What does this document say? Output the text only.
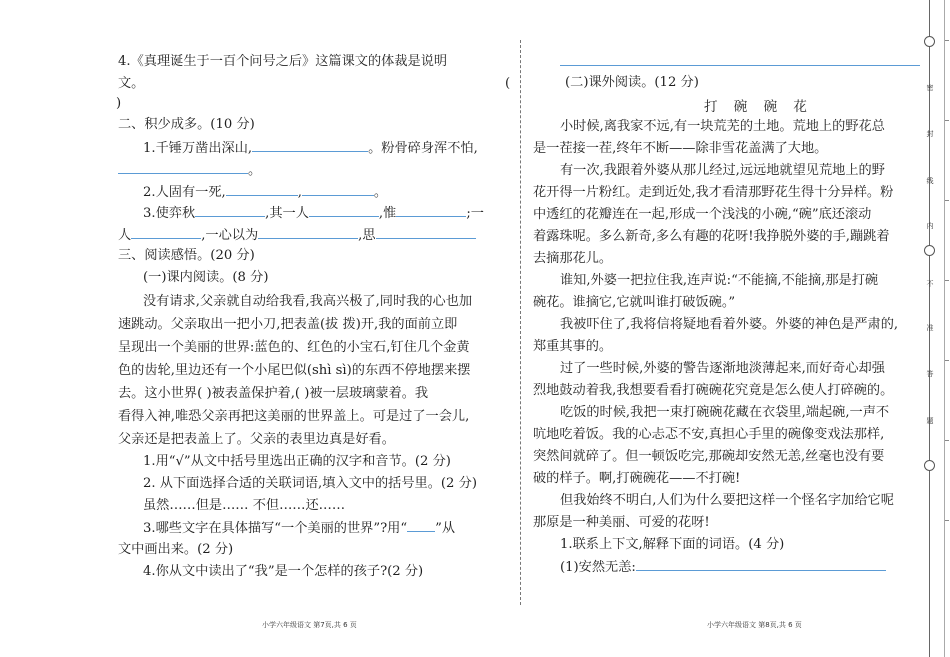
4.《真理诞生于一百个问号之后》这篇课文的体裁是说明
文。	(
)
二、积少成多。(10 分)
1.千锤万凿出深山,	。粉骨碎身浑不怕,
。
2.人固有一死,	,	。
3.使弈秋	,其一人	,惟	;一
人	,一心以为	,思
三、阅读感悟。(20 分)
(一)课内阅读。(8 分)
没有请求,父亲就自动给我看,我高兴极了,同时我的心也加
速跳动。父亲取出一把小刀,把表盖(拔 拨)开,我的面前立即
呈现出一个美丽的世界:蓝色的、红色的小宝石,钉住几个金黄
色的齿轮,里边还有一个小尾巴似(shì sì)的东西不停地摆来摆
去。这小世界( )被表盖保护着,( )被一层玻璃蒙着。我
看得入神,唯恐父亲再把这美丽的世界盖上。可是过了一会儿,
父亲还是把表盖上了。父亲的表里边真是好看。
1.用“√”从文中括号里选出正确的汉字和音节。(2 分)
2. 从下面选择合适的关联词语,填入文中的括号里。(2 分)
虽然……但是…… 不但……还……
3.哪些文字在具体描写“一个美丽的世界”?用“ ”从
文中画出来。(2 分)
4.你从文中读出了“我”是一个怎样的孩子?(2 分)
(二)课外阅读。(12 分)
打 碗 碗 花
小时候,离我家不远,有一块荒芜的土地。荒地上的野花总
是一茬接一茬,终年不断——除非雪花盖满了大地。
有一次,我跟着外婆从那儿经过,远远地就望见荒地上的野
花开得一片粉红。走到近处,我才看清那野花生得十分异样。粉
中透红的花瓣连在一起,形成一个浅浅的小碗,“碗”底还滚动
着露珠呢。多么新奇,多么有趣的花呀!我挣脱外婆的手,蹦跳着
去摘那花儿。
谁知,外婆一把拉住我,连声说:“不能摘,不能摘,那是打碗
碗花。谁摘它,它就叫谁打破饭碗。”
我被吓住了,我将信将疑地看着外婆。外婆的神色是严肃的,
郑重其事的。
过了一些时候,外婆的警告逐渐地淡薄起来,而好奇心却强
烈地鼓动着我,我想要看看打碗碗花究竟是怎么使人打碎碗的。
吃饭的时候,我把一束打碗碗花藏在衣袋里,端起碗,一声不
吭地吃着饭。我的心忐忑不安,真担心手里的碗像变戏法那样,
突然间就碎了。但一顿饭吃完,那碗却安然无恙,丝毫也没有要
破的样子。啊,打碗碗花——不打碗!
但我始终不明白,人们为什么要把这样一个怪名字加给它呢
那原是一种美丽、可爱的花呀!
1.联系上下文,解释下面的词语。(4 分)
(1)安然无恙:
小学六年级语文 第7页,共 6 页	小学六年级语文 第8页,共 6 页
密
封
线
内
不
准
答
题
